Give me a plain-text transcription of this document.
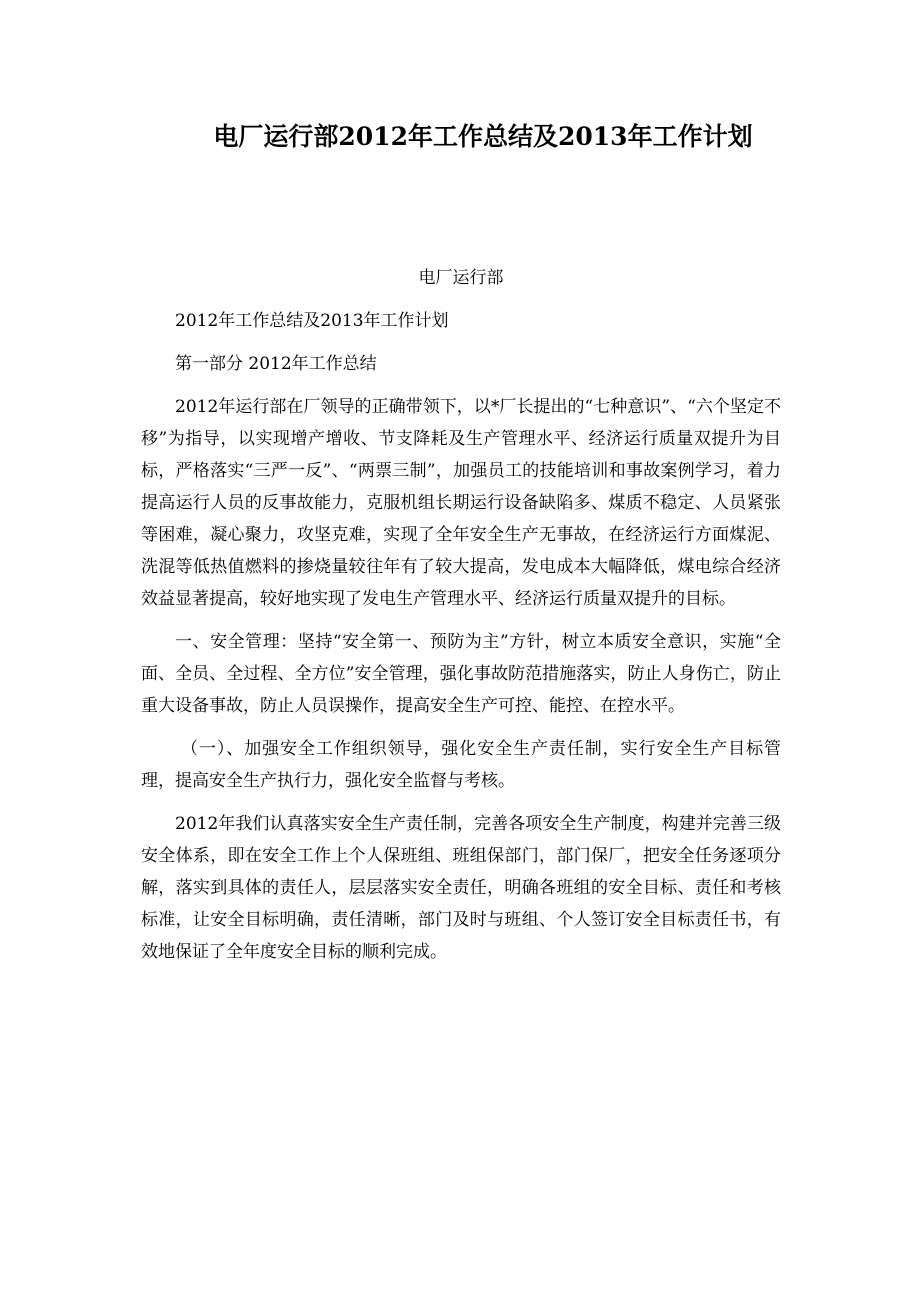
电厂运行部2012年工作总结及2013年工作计划

电厂运行部

2012年工作总结及2013年工作计划

第一部分 2012年工作总结

2012年运行部在厂领导的正确带领下，以*厂长提出的“七种意识”、“六个坚定不移”为指导，以实现增产增收、节支降耗及生产管理水平、经济运行质量双提升为目标，严格落实“三严一反”、“两票三制”，加强员工的技能培训和事故案例学习，着力提高运行人员的反事故能力，克服机组长期运行设备缺陷多、煤质不稳定、人员紧张等困难，凝心聚力，攻坚克难，实现了全年安全生产无事故，在经济运行方面煤泥、洗混等低热值燃料的掺烧量较往年有了较大提高，发电成本大幅降低，煤电综合经济效益显著提高，较好地实现了发电生产管理水平、经济运行质量双提升的目标。

一、安全管理：坚持“安全第一、预防为主”方针，树立本质安全意识，实施“全面、全员、全过程、全方位”安全管理，强化事故防范措施落实，防止人身伤亡，防止重大设备事故，防止人员误操作，提高安全生产可控、能控、在控水平。

（一）、加强安全工作组织领导，强化安全生产责任制，实行安全生产目标管理，提高安全生产执行力，强化安全监督与考核。

2012年我们认真落实安全生产责任制，完善各项安全生产制度，构建并完善三级安全体系，即在安全工作上个人保班组、班组保部门，部门保厂，把安全任务逐项分解，落实到具体的责任人，层层落实安全责任，明确各班组的安全目标、责任和考核标准，让安全目标明确，责任清晰，部门及时与班组、个人签订安全目标责任书，有效地保证了全年度安全目标的顺利完成。
